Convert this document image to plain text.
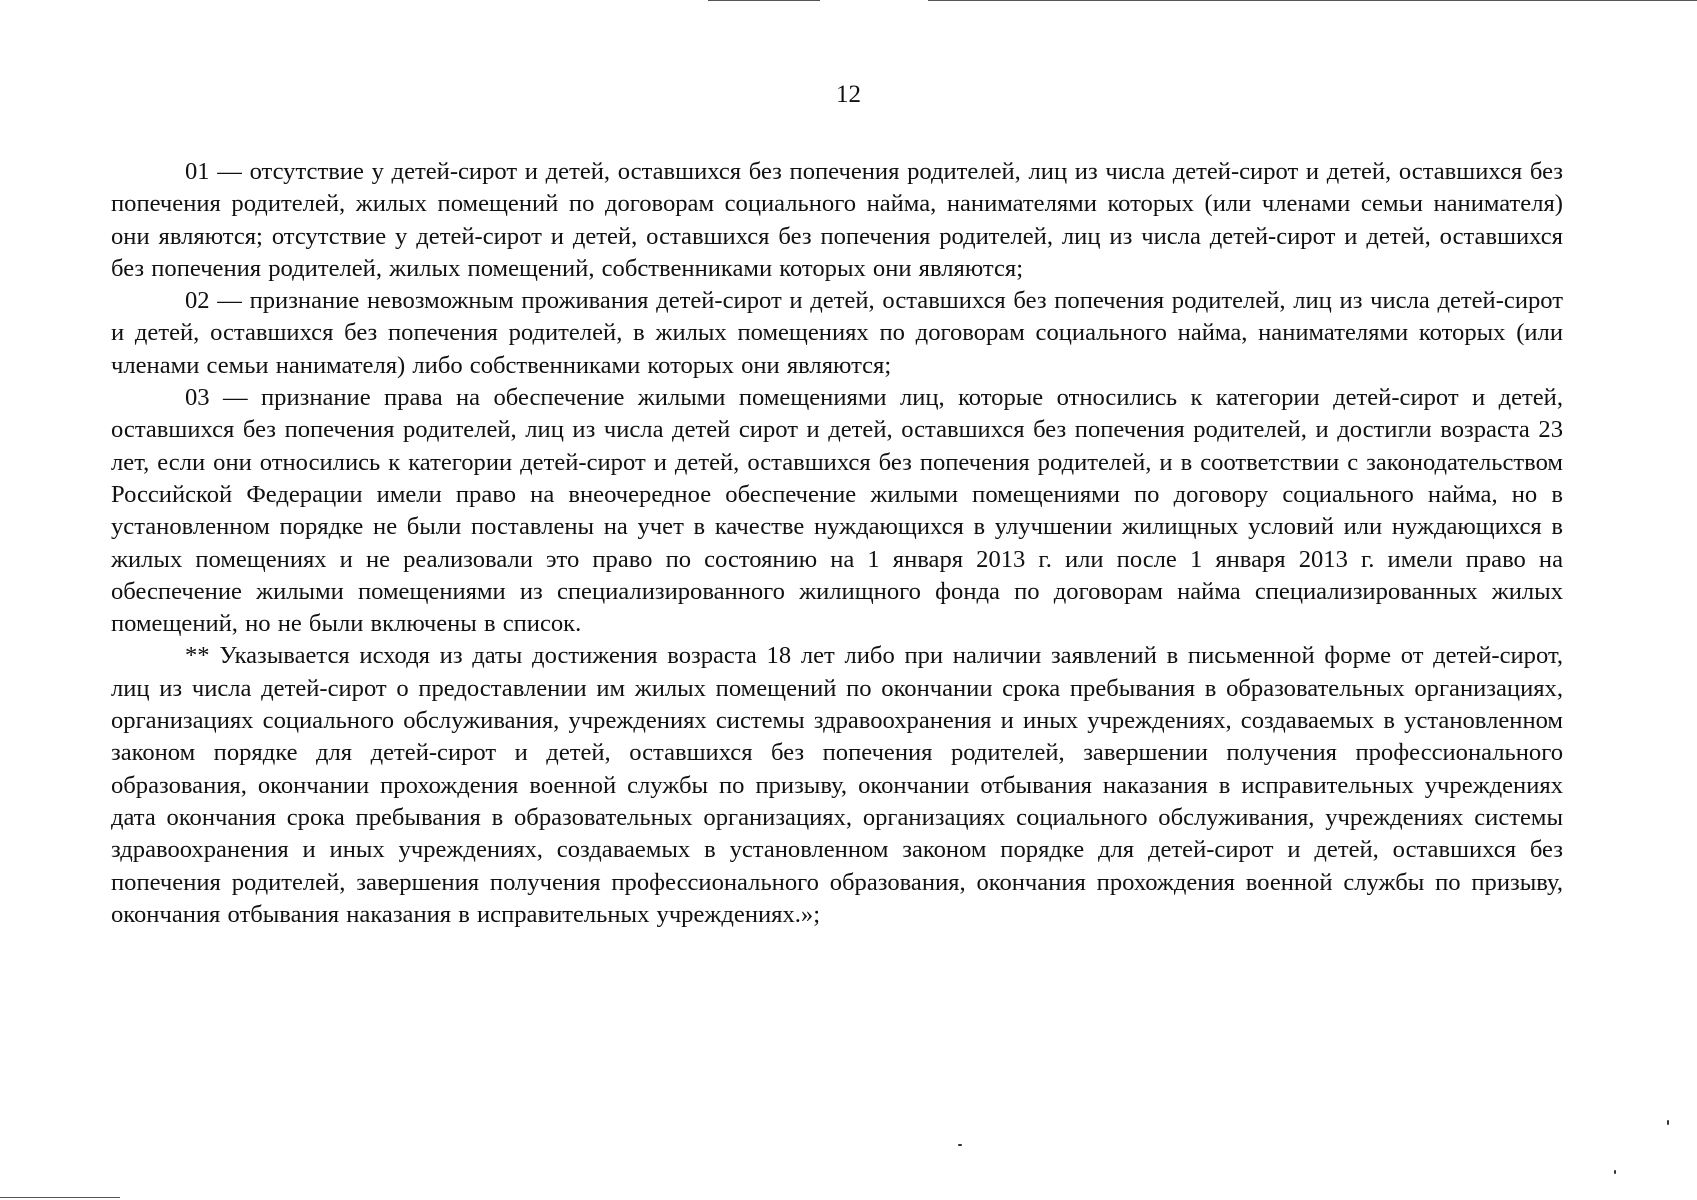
12

01 — отсутствие у детей-сирот и детей, оставшихся без попечения родителей, лиц из числа детей-сирот и детей, оставшихся без попечения родителей, жилых помещений по договорам социального найма, нанимателями которых (или членами семьи нанимателя) они являются; отсутствие у детей-сирот и детей, оставшихся без попечения родителей, лиц из числа детей-сирот и детей, оставшихся без попечения родителей, жилых помещений, собственниками которых они являются;

02 — признание невозможным проживания детей-сирот и детей, оставшихся без попечения родителей, лиц из числа детей-сирот и детей, оставшихся без попечения родителей, в жилых помещениях по договорам социального найма, нанимателями которых (или членами семьи нанимателя) либо собственниками которых они являются;

03 — признание права на обеспечение жилыми помещениями лиц, которые относились к категории детей-сирот и детей, оставшихся без попечения родителей, лиц из числа детей сирот и детей, оставшихся без попечения родителей, и достигли возраста 23 лет, если они относились к категории детей-сирот и детей, оставшихся без попечения родителей, и в соответствии с законодательством Российской Федерации имели право на внеочередное обеспечение жилыми помещениями по договору социального найма, но в установленном порядке не были поставлены на учет в качестве нуждающихся в улучшении жилищных условий или нуждающихся в жилых помещениях и не реализовали это право по состоянию на 1 января 2013 г. или после 1 января 2013 г. имели право на обеспечение жилыми помещениями из специализированного жилищного фонда по договорам найма специализированных жилых помещений, но не были включены в список.

** Указывается исходя из даты достижения возраста 18 лет либо при наличии заявлений в письменной форме от детей-сирот, лиц из числа детей-сирот о предоставлении им жилых помещений по окончании срока пребывания в образовательных организациях, организациях социального обслуживания, учреждениях системы здравоохранения и иных учреждениях, создаваемых в установленном законом порядке для детей-сирот и детей, оставшихся без попечения родителей, завершении получения профессионального образования, окончании прохождения военной службы по призыву, окончании отбывания наказания в исправительных учреждениях дата окончания срока пребывания в образовательных организациях, организациях социального обслуживания, учреждениях системы здравоохранения и иных учреждениях, создаваемых в установленном законом порядке для детей-сирот и детей, оставшихся без попечения родителей, завершения получения профессионального образования, окончания прохождения военной службы по призыву, окончания отбывания наказания в исправительных учреждениях.»;
